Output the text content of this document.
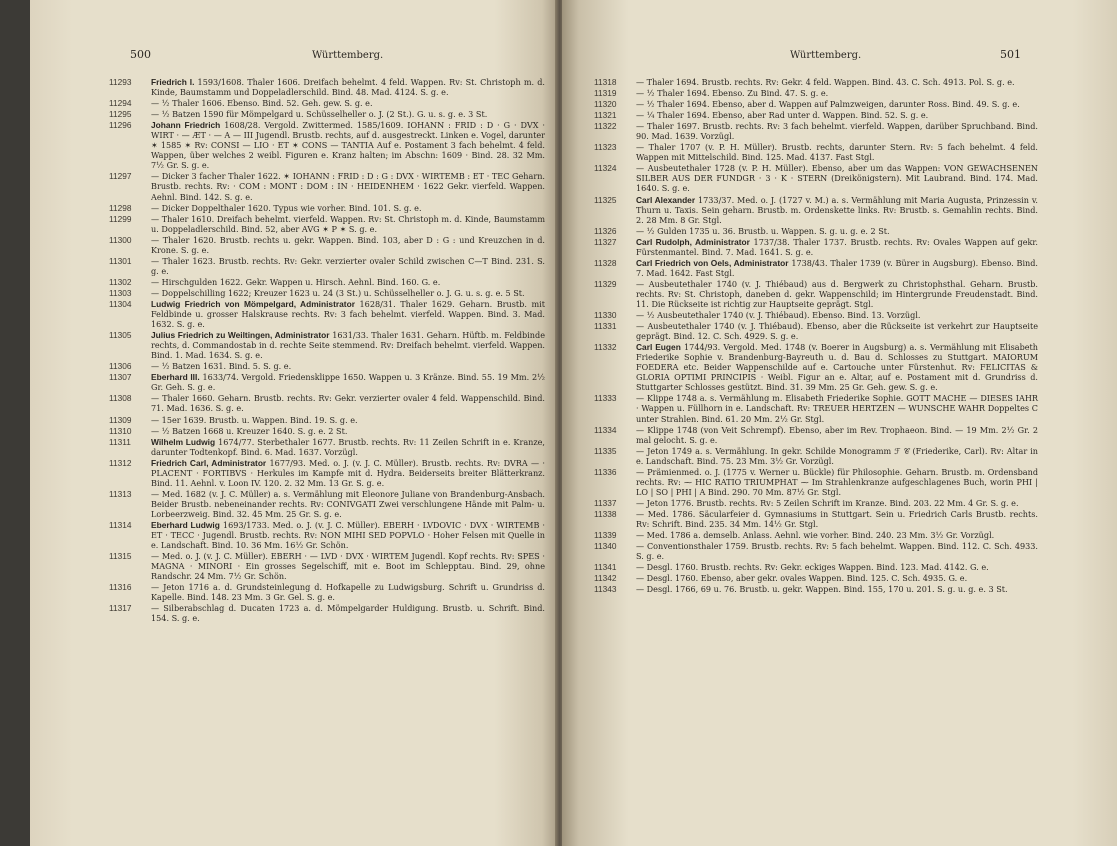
500	Württemberg.
11293	Friedrich I. 1593/1608. Thaler 1606. Dreifach behelmt. 4 feld. Wappen. Rv: St. Christoph m. d. Kinde, Baumstamm und Doppeladlerschild. Bind. 48. Mad. 4124. S. g. e.
11294	— ½ Thaler 1606. Ebenso. Bind. 52. Geh. gew. S. g. e.
11295	— ½ Batzen 1590 für Mömpelgard u. Schüsselheller o. J. (2 St.). G. u. s. g. e. 3 St.
11296	Johann Friedrich 1608/28. Vergold. Zwittermed. 1585/1609. IOHANN : FRID : D · G · DVX · WIRT · — ÆT · — A — III Jugendl. Brustb. rechts, auf d. ausgestreckt. Linken e. Vogel, darunter ✶ 1585 ✶ Rv: CONSI — LIO · ET ✶ CONS — TANTIA Auf e. Postament 3 fach behelmt. 4 feld. Wappen, über welches 2 weibl. Figuren e. Kranz halten; im Abschn: 1609 · Bind. 28. 32 Mm. 7½ Gr. S. g. e.
11297	— Dicker 3 facher Thaler 1622. ✶ IOHANN : FRID : D : G : DVX · WIRTEMB : ET · TEC Geharn. Brustb. rechts. Rv: · COM : MONT : DOM : IN · HEIDENHEM · 1622 Gekr. vierfeld. Wappen. Aehnl. Bind. 142. S. g. e.
11298	— Dicker Doppelthaler 1620. Typus wie vorher. Bind. 101. S. g. e.
11299	— Thaler 1610. Dreifach behelmt. vierfeld. Wappen. Rv: St. Christoph m. d. Kinde, Baumstamm u. Doppeladlerschild. Bind. 52, aber AVG ✶ P ✶ S. g. e.
11300	— Thaler 1620. Brustb. rechts u. gekr. Wappen. Bind. 103, aber D : G : und Kreuzchen in d. Krone. S. g. e.
11301	— Thaler 1623. Brustb. rechts. Rv: Gekr. verzierter ovaler Schild zwischen C—T Bind. 231. S. g. e.
11302	— Hirschgulden 1622. Gekr. Wappen u. Hirsch. Aehnl. Bind. 160. G. e.
11303	— Doppelschilling 1622; Kreuzer 1623 u. 24 (3 St.) u. Schüsselheller o. J. G. u. s. g. e. 5 St.
11304	Ludwig Friedrich von Mömpelgard, Administrator 1628/31. Thaler 1629. Geharn. Brustb. mit Feldbinde u. grosser Halskrause rechts. Rv: 3 fach behelmt. vierfeld. Wappen. Bind. 3. Mad. 1632. S. g. e.
11305	Julius Friedrich zu Weiltingen, Administrator 1631/33. Thaler 1631. Geharn. Hüftb. m. Feldbinde rechts, d. Commandostab in d. rechte Seite stemmend. Rv: Dreifach behelmt. vierfeld. Wappen. Bind. 1. Mad. 1634. S. g. e.
11306	— ½ Batzen 1631. Bind. 5. S. g. e.
11307	Eberhard III. 1633/74. Vergold. Friedensklippe 1650. Wappen u. 3 Kränze. Bind. 55. 19 Mm. 2½ Gr. Geh. S. g. e.
11308	— Thaler 1660. Geharn. Brustb. rechts. Rv: Gekr. verzierter ovaler 4 feld. Wappenschild. Bind. 71. Mad. 1636. S. g. e.
11309	— 15er 1639. Brustb. u. Wappen. Bind. 19. S. g. e.
11310	— ½ Batzen 1668 u. Kreuzer 1640. S. g. e. 2 St.
11311	Wilhelm Ludwig 1674/77. Sterbethaler 1677. Brustb. rechts. Rv: 11 Zeilen Schrift in e. Kranze, darunter Todtenkopf. Bind. 6. Mad. 1637. Vorzügl.
11312	Friedrich Carl, Administrator 1677/93. Med. o. J. (v. J. C. Müller). Brustb. rechts. Rv: DVRA — · PLACENT · FORTIBVS · Herkules im Kampfe mit d. Hydra. Beiderseits breiter Blätterkranz. Bind. 11. Aehnl. v. Loon IV. 120. 2. 32 Mm. 13 Gr. S. g. e.
11313	— Med. 1682 (v. J. C. Müller) a. s. Vermählung mit Eleonore Juliane von Brandenburg-Ansbach. Beider Brustb. nebeneinander rechts. Rv: CONIVGATI Zwei verschlungene Hände mit Palm- u. Lorbeerzweig. Bind. 32. 45 Mm. 25 Gr. S. g. e.
11314	Eberhard Ludwig 1693/1733. Med. o. J. (v. J. C. Müller). EBERH · LVDOVIC · DVX · WIRTEMB · ET · TECC · Jugendl. Brustb. rechts. Rv: NON MIHI SED POPVLO · Hoher Felsen mit Quelle in e. Landschaft. Bind. 10. 36 Mm. 16½ Gr. Schön.
11315	— Med. o. J. (v. J. C. Müller). EBERH · — LVD · DVX · WIRTEM Jugendl. Kopf rechts. Rv: SPES · MAGNA · MINORI · Ein grosses Segelschiff, mit e. Boot im Schlepptau. Bind. 29, ohne Randschr. 24 Mm. 7½ Gr. Schön.
11316	— Jeton 1716 a. d. Grundsteinlegung d. Hofkapelle zu Ludwigsburg. Schrift u. Grundriss d. Kapelle. Bind. 148. 23 Mm. 3 Gr. Gel. S. g. e.
11317	— Silberabschlag d. Ducaten 1723 a. d. Mömpelgarder Huldigung. Brustb. u. Schrift. Bind. 154. S. g. e.
Württemberg.	501
11318	— Thaler 1694. Brustb. rechts. Rv: Gekr. 4 feld. Wappen. Bind. 43. C. Sch. 4913. Pol. S. g. e.
11319	— ½ Thaler 1694. Ebenso. Zu Bind. 47. S. g. e.
11320	— ½ Thaler 1694. Ebenso, aber d. Wappen auf Palmzweigen, darunter Ross. Bind. 49. S. g. e.
11321	— ¼ Thaler 1694. Ebenso, aber Rad unter d. Wappen. Bind. 52. S. g. e.
11322	— Thaler 1697. Brustb. rechts. Rv: 3 fach behelmt. vierfeld. Wappen, darüber Spruchband. Bind. 90. Mad. 1639. Vorzügl.
11323	— Thaler 1707 (v. P. H. Müller). Brustb. rechts, darunter Stern. Rv: 5 fach behelmt. 4 feld. Wappen mit Mittelschild. Bind. 125. Mad. 4137. Fast Stgl.
11324	— Ausbeutethaler 1728 (v. P. H. Müller). Ebenso, aber um das Wappen: VON GEWACHSENEN SILBER AUS DER FUNDGR · 3 · K · STERN (Dreikönigstern). Mit Laubrand. Bind. 174. Mad. 1640. S. g. e.
11325	Carl Alexander 1733/37. Med. o. J. (1727 v. M.) a. s. Vermählung mit Maria Augusta, Prinzessin v. Thurn u. Taxis. Sein geharn. Brustb. m. Ordenskette links. Rv: Brustb. s. Gemahlin rechts. Bind. 2. 28 Mm. 8 Gr. Stgl.
11326	— ½ Gulden 1735 u. 36. Brustb. u. Wappen. S. g. u. g. e. 2 St.
11327	Carl Rudolph, Administrator 1737/38. Thaler 1737. Brustb. rechts. Rv: Ovales Wappen auf gekr. Fürstenmantel. Bind. 7. Mad. 1641. S. g. e.
11328	Carl Friedrich von Oels, Administrator 1738/43. Thaler 1739 (v. Bürer in Augsburg). Ebenso. Bind. 7. Mad. 1642. Fast Stgl.
11329	— Ausbeutethaler 1740 (v. J. Thiébaud) aus d. Bergwerk zu Christophsthal. Geharn. Brustb. rechts. Rv: St. Christoph, daneben d. gekr. Wappenschild; im Hintergrunde Freudenstadt. Bind. 11. Die Rückseite ist richtig zur Hauptseite geprägt. Stgl.
11330	— ½ Ausbeutethaler 1740 (v. J. Thiébaud). Ebenso. Bind. 13. Vorzügl.
11331	— Ausbeutethaler 1740 (v. J. Thiébaud). Ebenso, aber die Rückseite ist verkehrt zur Hauptseite geprägt. Bind. 12. C. Sch. 4929. S. g. e.
11332	Carl Eugen 1744/93. Vergold. Med. 1748 (v. Boerer in Augsburg) a. s. Vermählung mit Elisabeth Friederike Sophie v. Brandenburg-Bayreuth u. d. Bau d. Schlosses zu Stuttgart. MAIORUM FOEDERA etc. Beider Wappenschilde auf e. Cartouche unter Fürstenhut. Rv: FELICITAS & GLORIA OPTIMI PRINCIPIS · Weibl. Figur an e. Altar, auf e. Postament mit d. Grundriss d. Stuttgarter Schlosses gestützt. Bind. 31. 39 Mm. 25 Gr. Geh. gew. S. g. e.
11333	— Klippe 1748 a. s. Vermählung m. Elisabeth Friederike Sophie. GOTT MACHE — DIESES IAHR · Wappen u. Füllhorn in e. Landschaft. Rv: TREUER HERTZEN — WUNSCHE WAHR Doppeltes C unter Strahlen. Bind. 61. 20 Mm. 2½ Gr. Stgl.
11334	— Klippe 1748 (von Veit Schrempf). Ebenso, aber im Rev. Trophaeon. Bind. — 19 Mm. 2½ Gr. 2 mal gelocht. S. g. e.
11335	— Jeton 1749 a. s. Vermählung. In gekr. Schilde Monogramm ℱ 𝒞 (Friederike, Carl). Rv: Altar in e. Landschaft. Bind. 75. 23 Mm. 3½ Gr. Vorzügl.
11336	— Prämienmed. o. J. (1775 v. Werner u. Bückle) für Philosophie. Geharn. Brustb. m. Ordensband rechts. Rv: ⁓ HIC RATIO TRIUMPHAT ⁓ Im Strahlenkranze aufgeschlagenes Buch, worin PHI | LO | SO | PHI | A Bind. 290. 70 Mm. 87½ Gr. Stgl.
11337	— Jeton 1776. Brustb. rechts. Rv: 5 Zeilen Schrift im Kranze. Bind. 203. 22 Mm. 4 Gr. S. g. e.
11338	— Med. 1786. Säcularfeier d. Gymnasiums in Stuttgart. Sein u. Friedrich Carls Brustb. rechts. Rv: Schrift. Bind. 235. 34 Mm. 14½ Gr. Stgl.
11339	— Med. 1786 a. demselb. Anlass. Aehnl. wie vorher. Bind. 240. 23 Mm. 3½ Gr. Vorzügl.
11340	— Conventionsthaler 1759. Brustb. rechts. Rv: 5 fach behelmt. Wappen. Bind. 112. C. Sch. 4933. S. g. e.
11341	— Desgl. 1760. Brustb. rechts. Rv: Gekr. eckiges Wappen. Bind. 123. Mad. 4142. G. e.
11342	— Desgl. 1760. Ebenso, aber gekr. ovales Wappen. Bind. 125. C. Sch. 4935. G. e.
11343	— Desgl. 1766, 69 u. 76. Brustb. u. gekr. Wappen. Bind. 155, 170 u. 201. S. g. u. g. e. 3 St.
